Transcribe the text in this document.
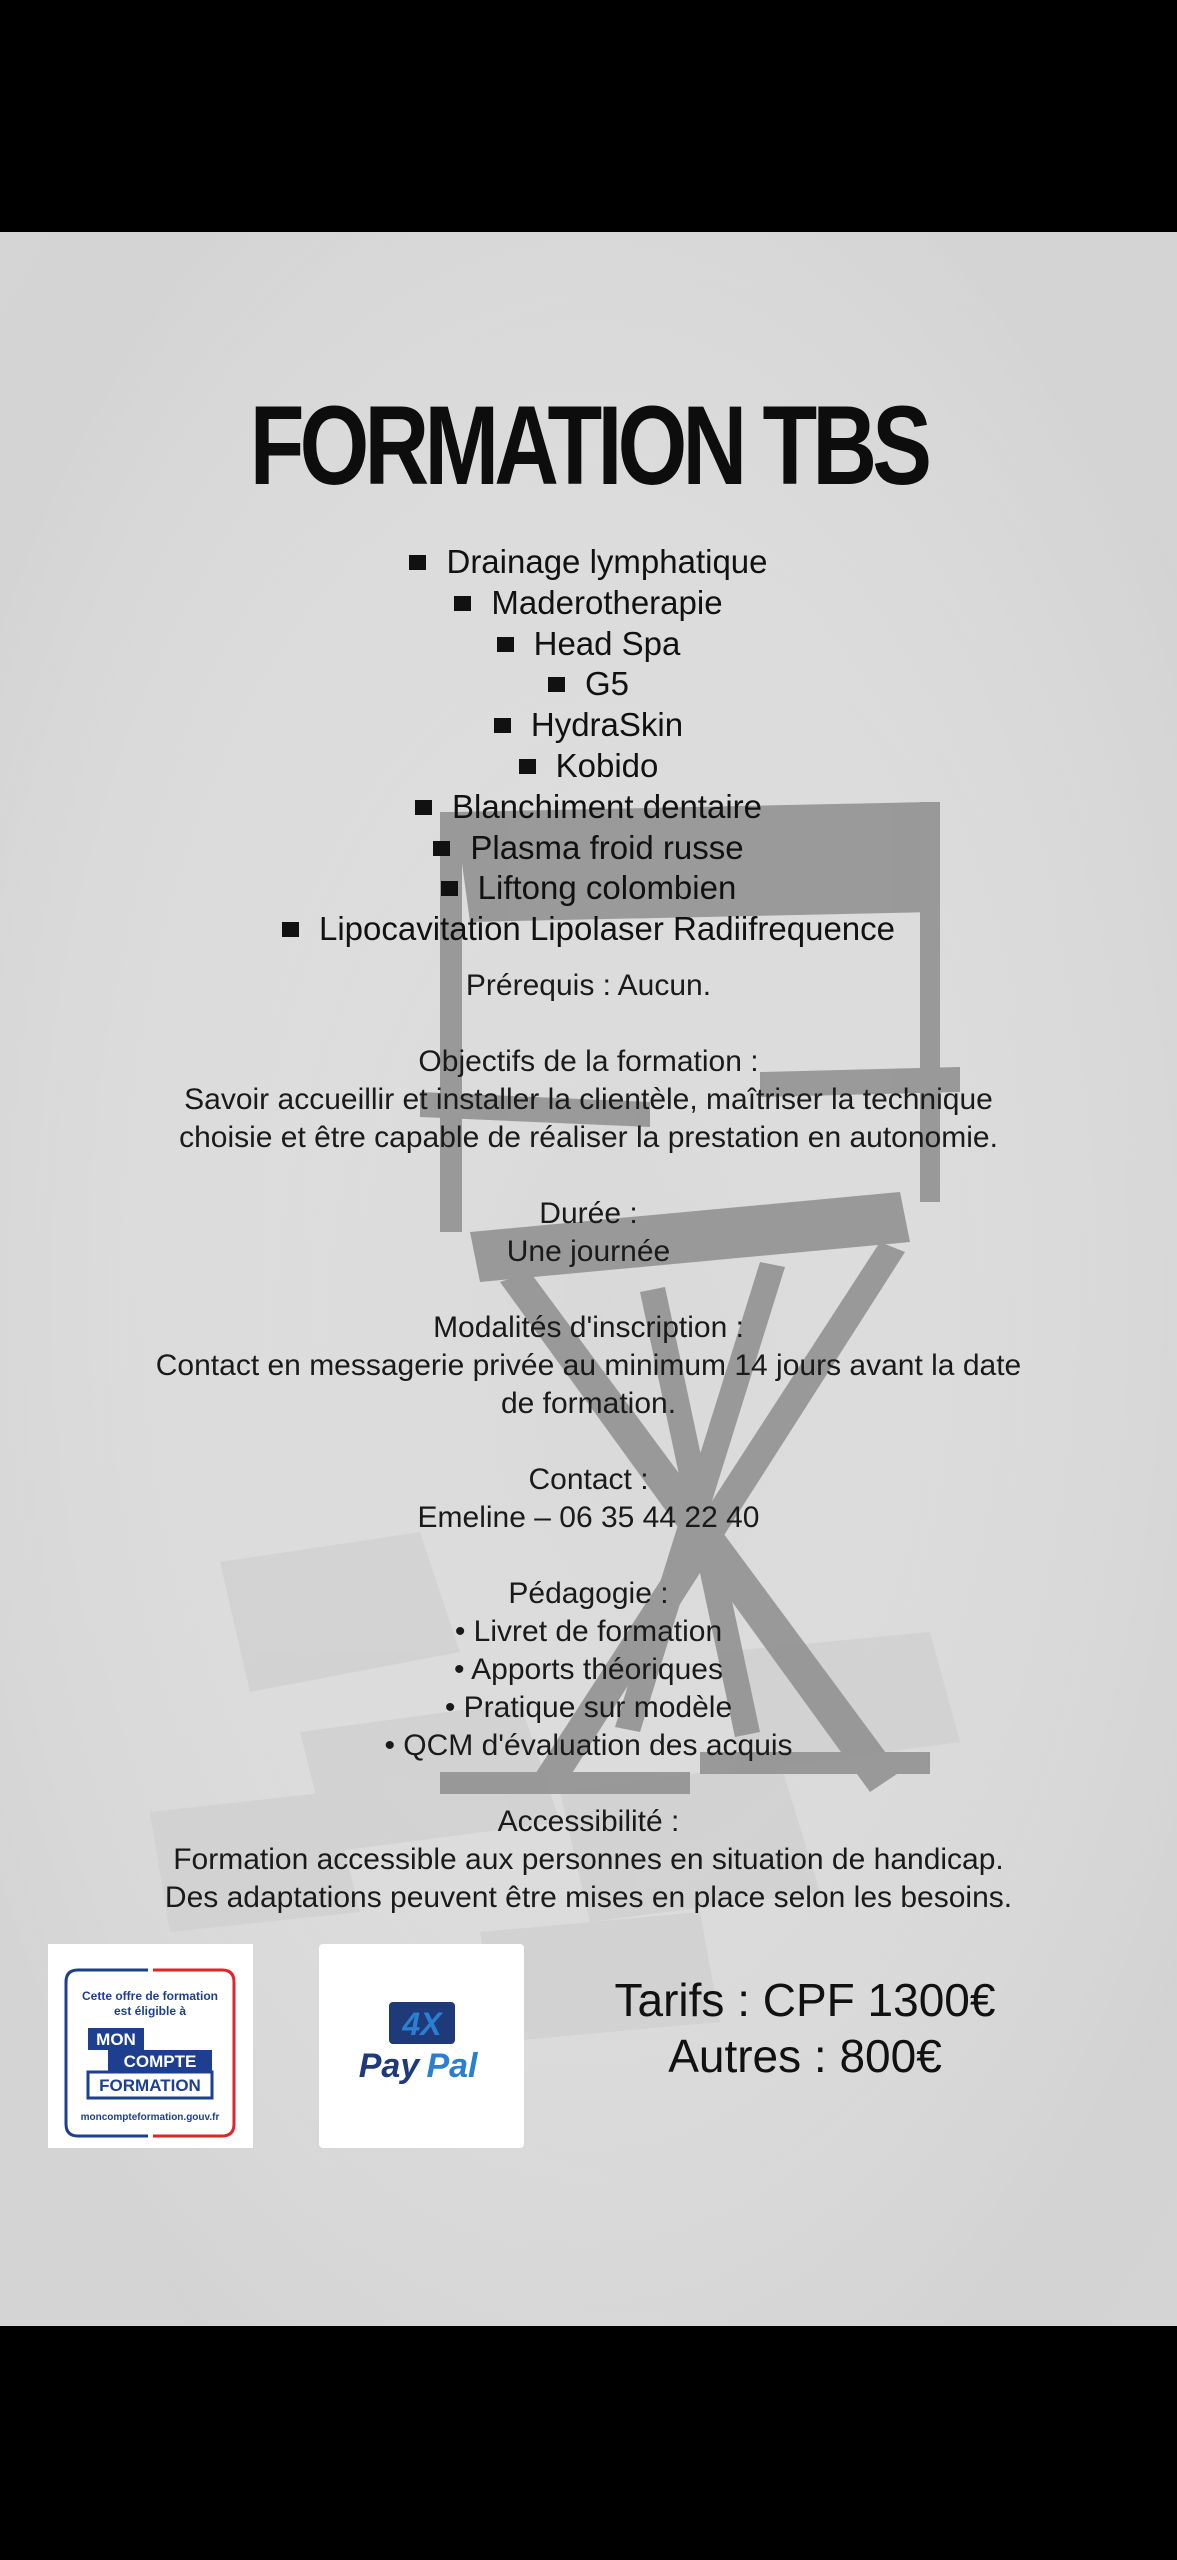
FORMATION TBS
Drainage lymphatique
Maderotherapie
Head Spa
G5
HydraSkin
Kobido
Blanchiment dentaire
Plasma froid russe
Liftong colombien
Lipocavitation Lipolaser Radiifrequence

Prérequis : Aucun.

Objectifs de la formation :

Savoir accueillir et installer la clientèle, maîtriser la technique

choisie et être capable de réaliser la prestation en autonomie.

Durée :

Une journée

Modalités d'inscription :

Contact en messagerie privée au minimum 14 jours avant la date

de formation.

Contact :

Emeline – 06 35 44 22 40

Pédagogie :

• Livret de formation

• Apports théoriques

• Pratique sur modèle

• QCM d'évaluation des acquis

Accessibilité :

Formation accessible aux personnes en situation de handicap.

Des adaptations peuvent être mises en place selon les besoins.

Cette offre de formation
est éligible à
MON
COMPTE
FORMATION
moncompteformation.gouv.fr
4X
Pay Pal
Tarifs : CPF 1300€
Autres : 800€
